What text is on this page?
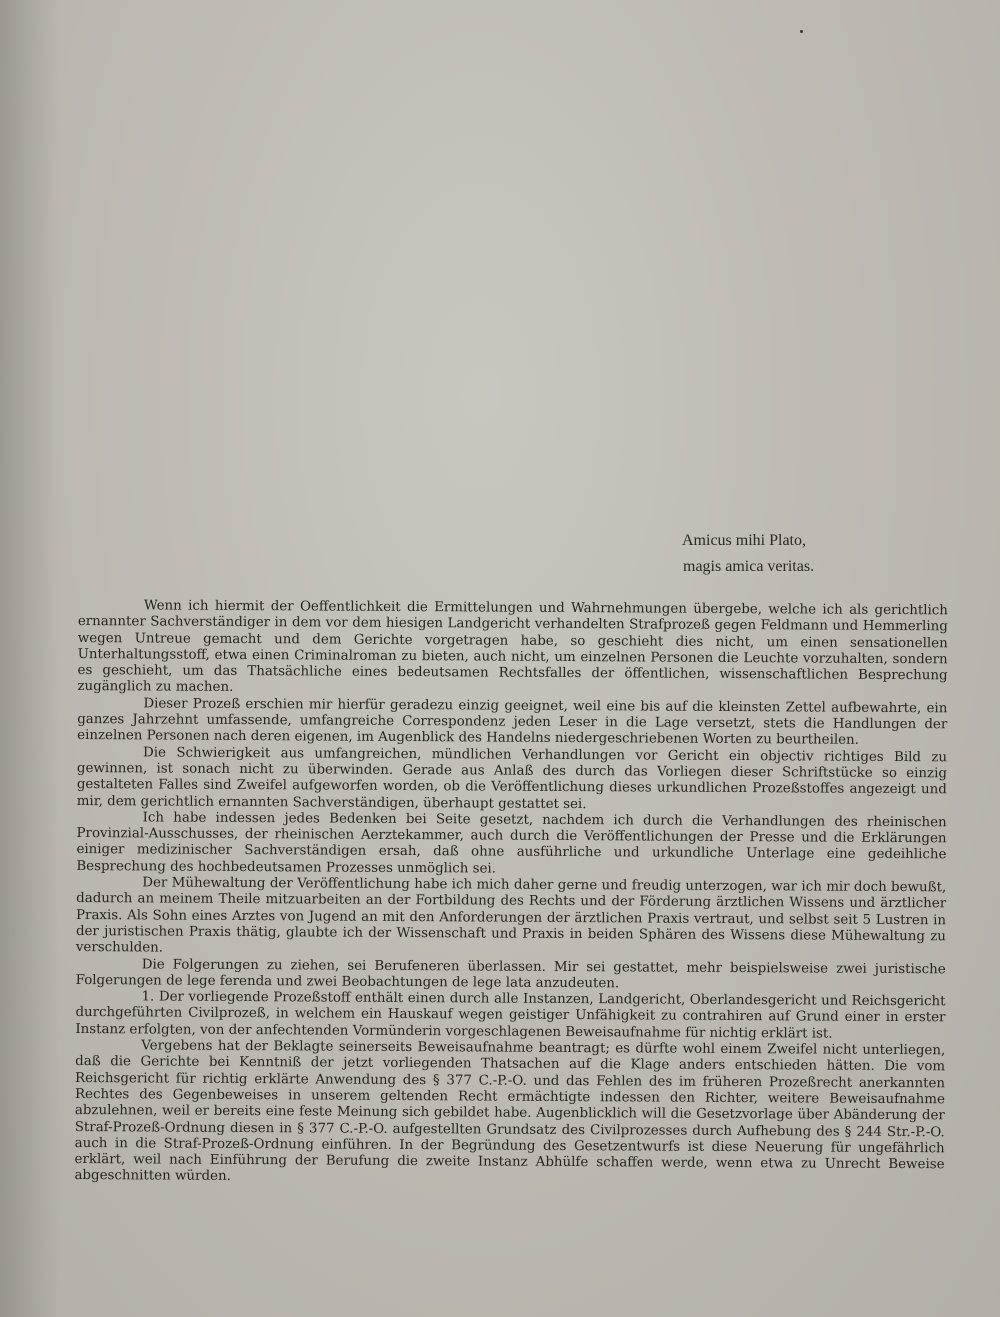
Amicus mihi Plato,
magis amica veritas.

Wenn ich hiermit der Oeffentlichkeit die Ermittelungen und Wahrnehmungen übergebe, welche ich als gerichtlich ernannter Sachverständiger in dem vor dem hiesigen Landgericht verhandelten Strafprozeß gegen Feldmann und Hemmerling wegen Untreue gemacht und dem Gerichte vorgetragen habe, so geschieht dies nicht, um einen sensationellen Unterhaltungsstoff, etwa einen Criminalroman zu bieten, auch nicht, um einzelnen Personen die Leuchte vorzuhalten, sondern es geschieht, um das Thatsächliche eines bedeutsamen Rechtsfalles der öffentlichen, wissenschaftlichen Besprechung zugänglich zu machen.

Dieser Prozeß erschien mir hierfür geradezu einzig geeignet, weil eine bis auf die kleinsten Zettel aufbewahrte, ein ganzes Jahrzehnt umfassende, umfangreiche Correspondenz jeden Leser in die Lage versetzt, stets die Handlungen der einzelnen Personen nach deren eigenen, im Augenblick des Handelns niedergeschriebenen Worten zu beurtheilen.

Die Schwierigkeit aus umfangreichen, mündlichen Verhandlungen vor Gericht ein objectiv richtiges Bild zu gewinnen, ist sonach nicht zu überwinden. Gerade aus Anlaß des durch das Vorliegen dieser Schriftstücke so einzig gestalteten Falles sind Zweifel aufgeworfen worden, ob die Veröffentlichung dieses urkundlichen Prozeßstoffes angezeigt und mir, dem gerichtlich ernannten Sachverständigen, überhaupt gestattet sei.

Ich habe indessen jedes Bedenken bei Seite gesetzt, nachdem ich durch die Verhandlungen des rheinischen Provinzial-Ausschusses, der rheinischen Aerztekammer, auch durch die Veröffentlichungen der Presse und die Erklärungen einiger medizinischer Sachverständigen ersah, daß ohne ausführliche und urkundliche Unterlage eine gedeihliche Besprechung des hochbedeutsamen Prozesses unmöglich sei.

Der Mühewaltung der Veröffentlichung habe ich mich daher gerne und freudig unterzogen, war ich mir doch bewußt, dadurch an meinem Theile mitzuarbeiten an der Fortbildung des Rechts und der Förderung ärztlichen Wissens und ärztlicher Praxis. Als Sohn eines Arztes von Jugend an mit den Anforderungen der ärztlichen Praxis vertraut, und selbst seit 5 Lustren in der juristischen Praxis thätig, glaubte ich der Wissenschaft und Praxis in beiden Sphären des Wissens diese Mühewaltung zu verschulden.

Die Folgerungen zu ziehen, sei Berufeneren überlassen. Mir sei gestattet, mehr beispielsweise zwei juristische Folgerungen de lege ferenda und zwei Beobachtungen de lege lata anzudeuten.

1. Der vorliegende Prozeßstoff enthält einen durch alle Instanzen, Landgericht, Oberlandesgericht und Reichsgericht durchgeführten Civilprozeß, in welchem ein Hauskauf wegen geistiger Unfähigkeit zu contrahiren auf Grund einer in erster Instanz erfolgten, von der anfechtenden Vormünderin vorgeschlagenen Beweisaufnahme für nichtig erklärt ist.

Vergebens hat der Beklagte seinerseits Beweisaufnahme beantragt; es dürfte wohl einem Zweifel nicht unterliegen, daß die Gerichte bei Kenntniß der jetzt vorliegenden Thatsachen auf die Klage anders entschieden hätten. Die vom Reichsgericht für richtig erklärte Anwendung des § 377 C.-P.-O. und das Fehlen des im früheren Prozeßrecht anerkannten Rechtes des Gegenbeweises in unserem geltenden Recht ermächtigte indessen den Richter, weitere Beweisaufnahme abzulehnen, weil er bereits eine feste Meinung sich gebildet habe. Augenblicklich will die Gesetzvorlage über Abänderung der Straf-Prozeß-Ordnung diesen in § 377 C.-P.-O. aufgestellten Grundsatz des Civilprozesses durch Aufhebung des § 244 Str.-P.-O. auch in die Straf-Prozeß-Ordnung einführen. In der Begründung des Gesetzentwurfs ist diese Neuerung für ungefährlich erklärt, weil nach Einführung der Berufung die zweite Instanz Abhülfe schaffen werde, wenn etwa zu Unrecht Beweise abgeschnitten würden.
